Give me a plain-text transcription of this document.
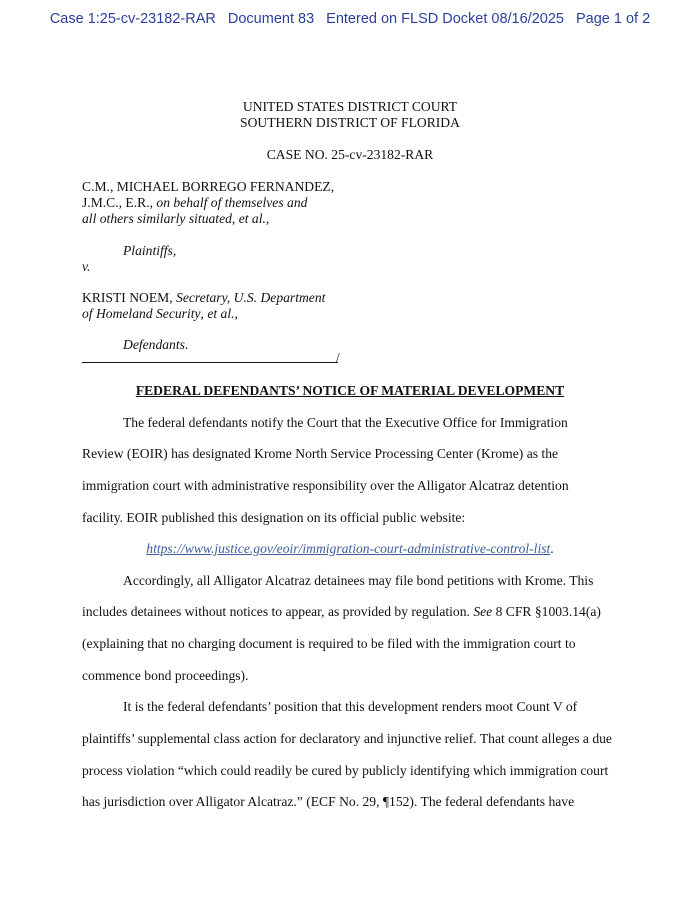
Case 1:25-cv-23182-RAR Document 83 Entered on FLSD Docket 08/16/2025 Page 1 of 2
UNITED STATES DISTRICT COURT
SOUTHERN DISTRICT OF FLORIDA
CASE NO. 25-cv-23182-RAR
C.M., MICHAEL BORREGO FERNANDEZ,
J.M.C., E.R., on behalf of themselves and
all others similarly situated, et al.,
Plaintiffs,
v.
KRISTI NOEM, Secretary, U.S. Department
of Homeland Security, et al.,
Defendants.
/
FEDERAL DEFENDANTS’ NOTICE OF MATERIAL DEVELOPMENT
The federal defendants notify the Court that the Executive Office for Immigration
Review (EOIR) has designated Krome North Service Processing Center (Krome) as the
immigration court with administrative responsibility over the Alligator Alcatraz detention
facility. EOIR published this designation on its official public website:
https://www.justice.gov/eoir/immigration-court-administrative-control-list.
Accordingly, all Alligator Alcatraz detainees may file bond petitions with Krome. This
includes detainees without notices to appear, as provided by regulation. See 8 CFR §1003.14(a)
(explaining that no charging document is required to be filed with the immigration court to
commence bond proceedings).
It is the federal defendants’ position that this development renders moot Count V of
plaintiffs’ supplemental class action for declaratory and injunctive relief. That count alleges a due
process violation “which could readily be cured by publicly identifying which immigration court
has jurisdiction over Alligator Alcatraz.” (ECF No. 29, ¶152). The federal defendants have
